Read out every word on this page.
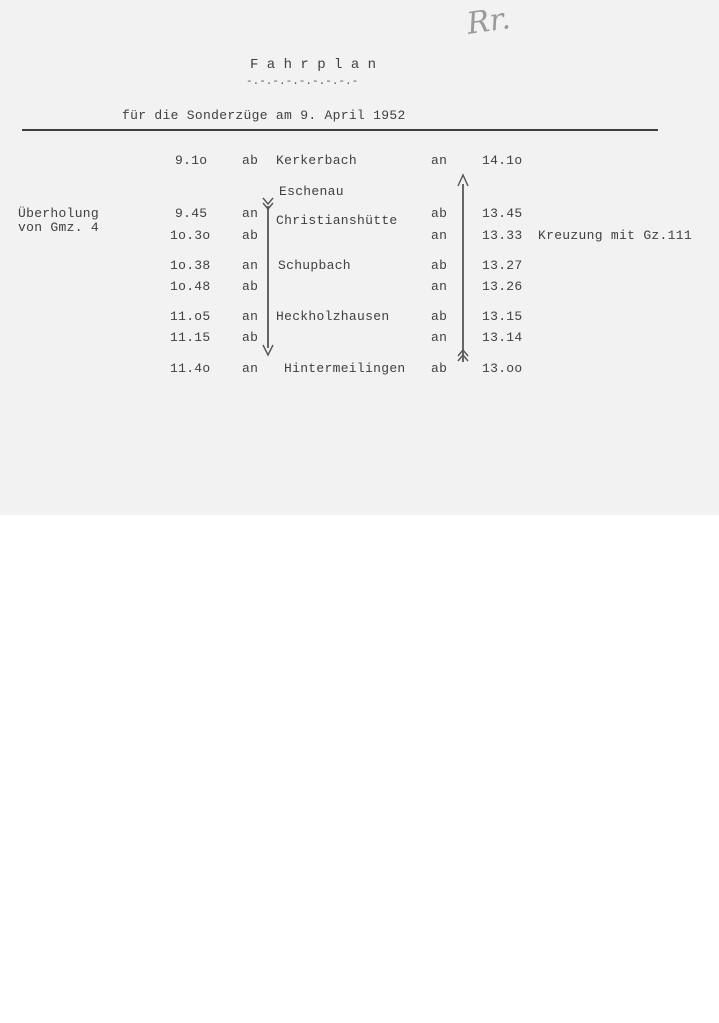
Rr.
F a h r p l a n
-.-.-.-.-.-.-.-.-
für die Sonderzüge am 9. April 1952
Überholung
von Gmz. 4
9.1o	ab Kerkerbach	an	14.1o
Eschenau
9.45	an Christianshütte	ab	13.45
1o.3o ab	an	13.33 Kreuzung mit Gz.111
1o.38 an Schupbach	ab	13.27
1o.48 ab	an	13.26
11.o5 an Heckholzhausen	ab	13.15
11.15 ab	an	13.14
11.4o an Hintermeilingen ab	13.oo
